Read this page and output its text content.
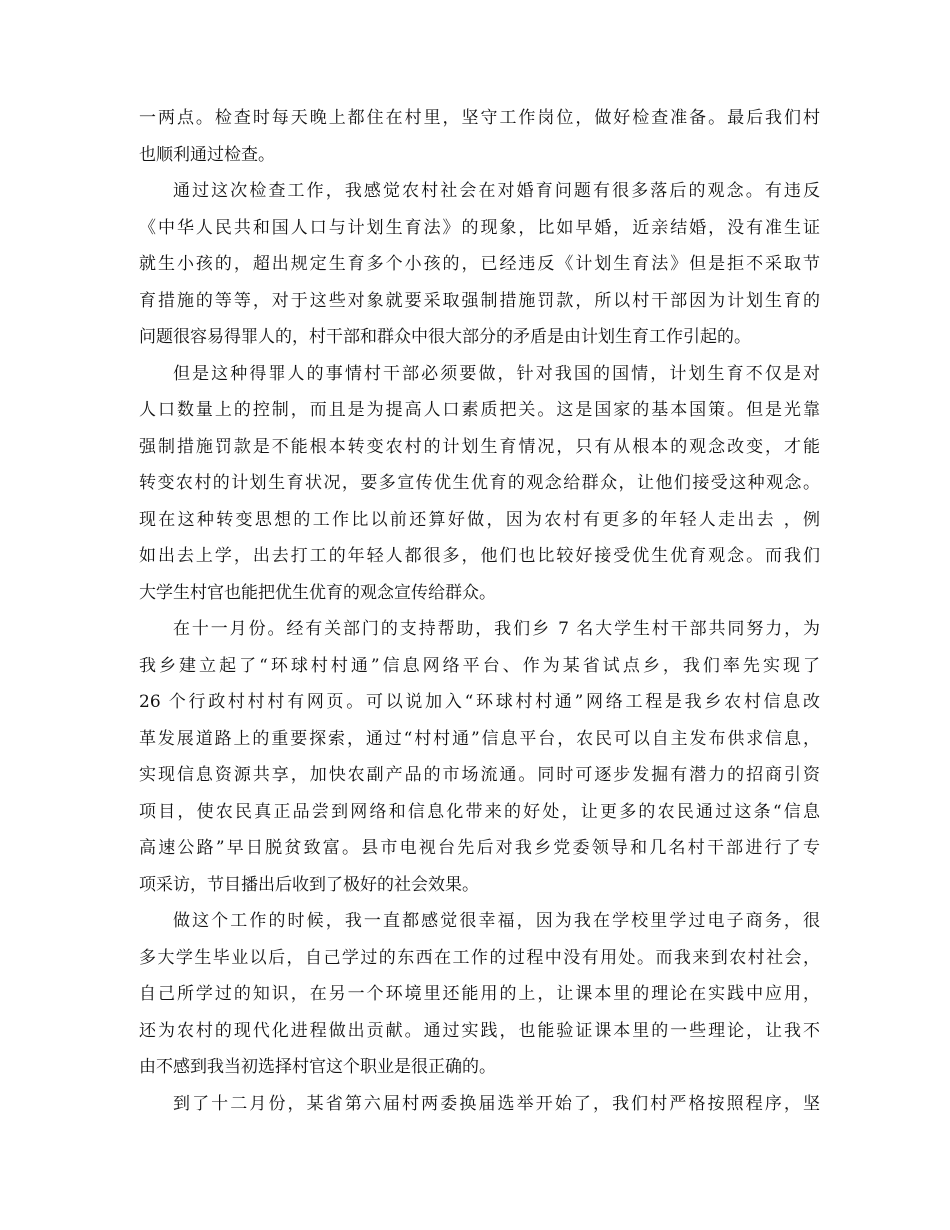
一两点。检查时每天晚上都住在村里，坚守工作岗位，做好检查准备。最后我们村
也顺利通过检查。
通过这次检查工作，我感觉农村社会在对婚育问题有很多落后的观念。有违反
《中华人民共和国人口与计划生育法》的现象，比如早婚，近亲结婚，没有准生证
就生小孩的，超出规定生育多个小孩的，已经违反《计划生育法》但是拒不采取节
育措施的等等，对于这些对象就要采取强制措施罚款，所以村干部因为计划生育的
问题很容易得罪人的，村干部和群众中很大部分的矛盾是由计划生育工作引起的。
但是这种得罪人的事情村干部必须要做，针对我国的国情，计划生育不仅是对
人口数量上的控制，而且是为提高人口素质把关。这是国家的基本国策。但是光靠
强制措施罚款是不能根本转变农村的计划生育情况，只有从根本的观念改变，才能
转变农村的计划生育状况，要多宣传优生优育的观念给群众，让他们接受这种观念。
现在这种转变思想的工作比以前还算好做，因为农村有更多的年轻人走出去 ，例
如出去上学，出去打工的年轻人都很多，他们也比较好接受优生优育观念。而我们
大学生村官也能把优生优育的观念宣传给群众。
在十一月份。经有关部门的支持帮助，我们乡 7 名大学生村干部共同努力，为
我乡建立起了“环球村村通”信息网络平台、作为某省试点乡，我们率先实现了
26 个行政村村村有网页。可以说加入“环球村村通”网络工程是我乡农村信息改
革发展道路上的重要探索，通过“村村通”信息平台，农民可以自主发布供求信息，
实现信息资源共享，加快农副产品的市场流通。同时可逐步发掘有潜力的招商引资
项目，使农民真正品尝到网络和信息化带来的好处，让更多的农民通过这条“信息
高速公路”早日脱贫致富。县市电视台先后对我乡党委领导和几名村干部进行了专
项采访，节目播出后收到了极好的社会效果。
做这个工作的时候，我一直都感觉很幸福，因为我在学校里学过电子商务，很
多大学生毕业以后，自己学过的东西在工作的过程中没有用处。而我来到农村社会，
自己所学过的知识，在另一个环境里还能用的上，让课本里的理论在实践中应用，
还为农村的现代化进程做出贡献。通过实践，也能验证课本里的一些理论，让我不
由不感到我当初选择村官这个职业是很正确的。
到了十二月份，某省第六届村两委换届选举开始了，我们村严格按照程序，坚
